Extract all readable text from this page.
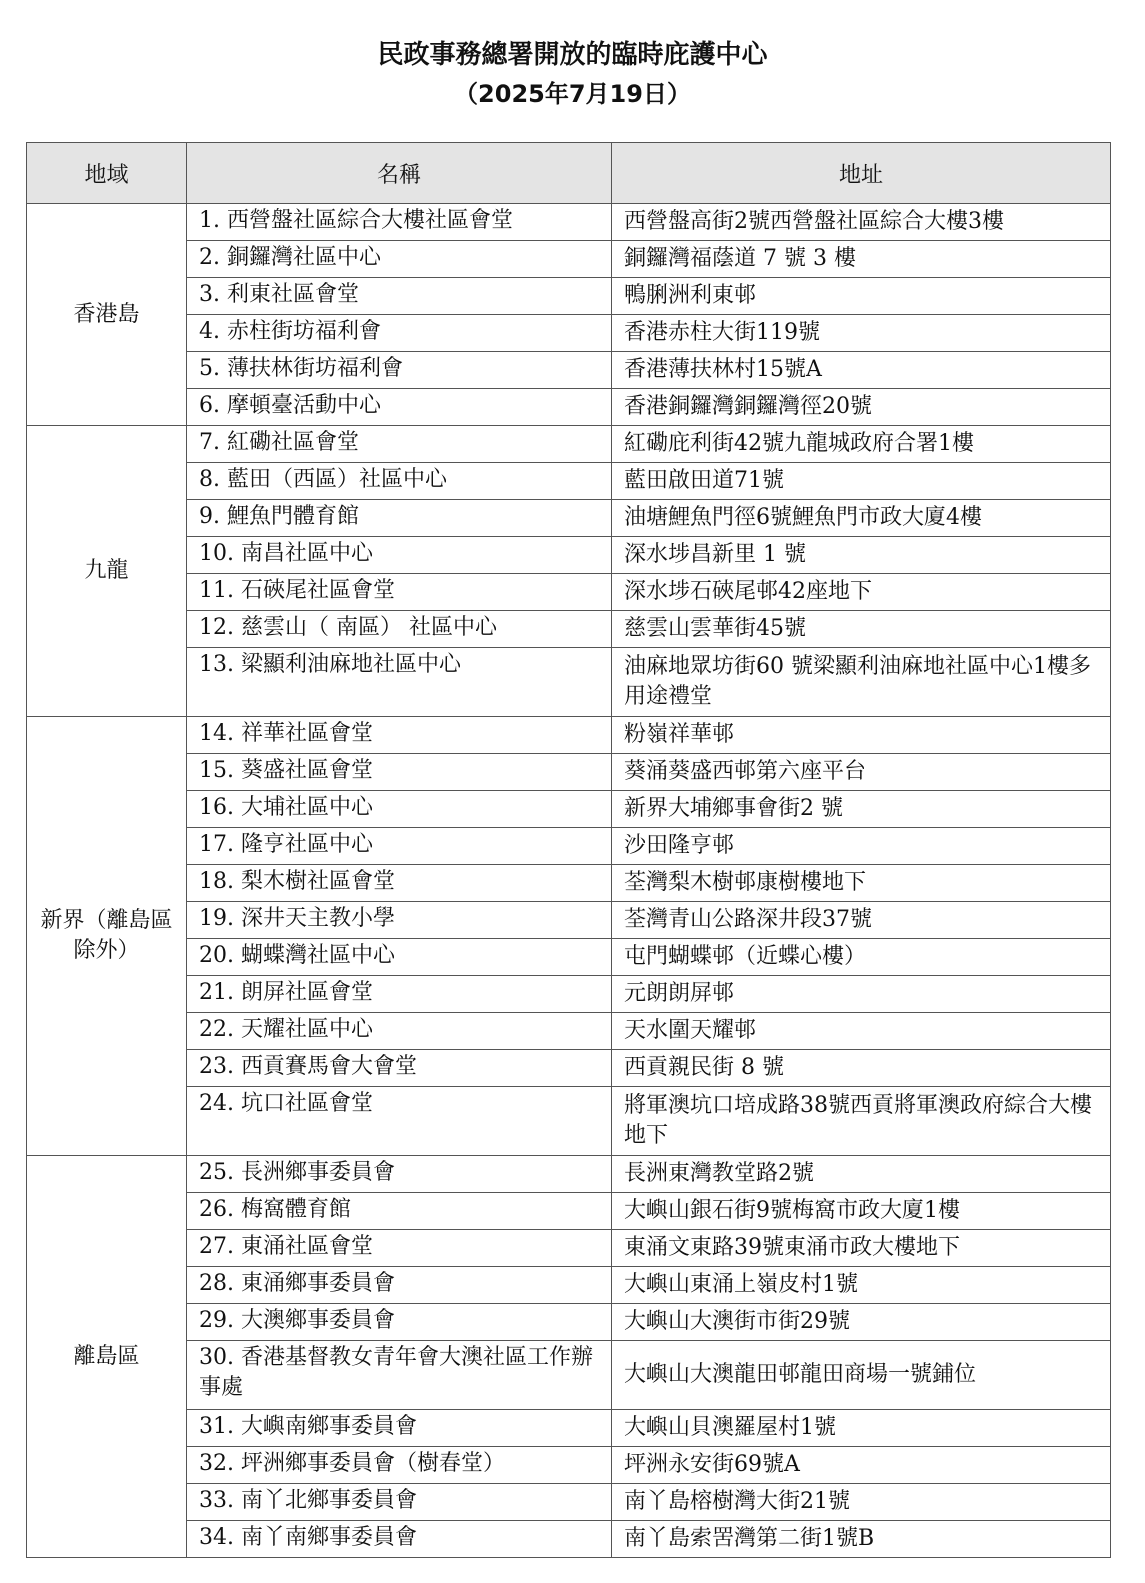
民政事務總署開放的臨時庇護中心
（2025年7月19日）
地域	名稱	地址
香港島	1. 西營盤社區綜合大樓社區會堂	西營盤高街2號西營盤社區綜合大樓3樓
	2. 銅鑼灣社區中心	銅鑼灣福蔭道 7 號 3 樓
	3. 利東社區會堂	鴨脷洲利東邨
	4. 赤柱街坊福利會	香港赤柱大街119號
	5. 薄扶林街坊福利會	香港薄扶林村15號A
	6. 摩頓臺活動中心	香港銅鑼灣銅鑼灣徑20號
九龍	7. 紅磡社區會堂	紅磡庇利街42號九龍城政府合署1樓
	8. 藍田（西區）社區中心	藍田啟田道71號
	9. 鯉魚門體育館	油塘鯉魚門徑6號鯉魚門市政大廈4樓
	10. 南昌社區中心	深水埗昌新里 1 號
	11. 石硤尾社區會堂	深水埗石硤尾邨42座地下
	12. 慈雲山（ 南區） 社區中心	慈雲山雲華街45號
	13. 梁顯利油麻地社區中心	油麻地眾坊街60 號梁顯利油麻地社區中心1樓多用途禮堂
新界（離島區除外）	14. 祥華社區會堂	粉嶺祥華邨
	15. 葵盛社區會堂	葵涌葵盛西邨第六座平台
	16. 大埔社區中心	新界大埔鄉事會街2 號
	17. 隆亨社區中心	沙田隆亨邨
	18. 梨木樹社區會堂	荃灣梨木樹邨康樹樓地下
	19. 深井天主教小學	荃灣青山公路深井段37號
	20. 蝴蝶灣社區中心	屯門蝴蝶邨（近蝶心樓）
	21. 朗屏社區會堂	元朗朗屏邨
	22. 天耀社區中心	天水圍天耀邨
	23. 西貢賽馬會大會堂	西貢親民街 8 號
	24. 坑口社區會堂	將軍澳坑口培成路38號西貢將軍澳政府綜合大樓地下
離島區	25. 長洲鄉事委員會	長洲東灣教堂路2號
	26. 梅窩體育館	大嶼山銀石街9號梅窩市政大廈1樓
	27. 東涌社區會堂	東涌文東路39號東涌市政大樓地下
	28. 東涌鄉事委員會	大嶼山東涌上嶺皮村1號
	29. 大澳鄉事委員會	大嶼山大澳街市街29號
	30. 香港基督教女青年會大澳社區工作辦事處	大嶼山大澳龍田邨龍田商場一號鋪位
	31. 大嶼南鄉事委員會	大嶼山貝澳羅屋村1號
	32. 坪洲鄉事委員會（樹春堂）	坪洲永安街69號A
	33. 南丫北鄉事委員會	南丫島榕樹灣大街21號
	34. 南丫南鄉事委員會	南丫島索罟灣第二街1號B
